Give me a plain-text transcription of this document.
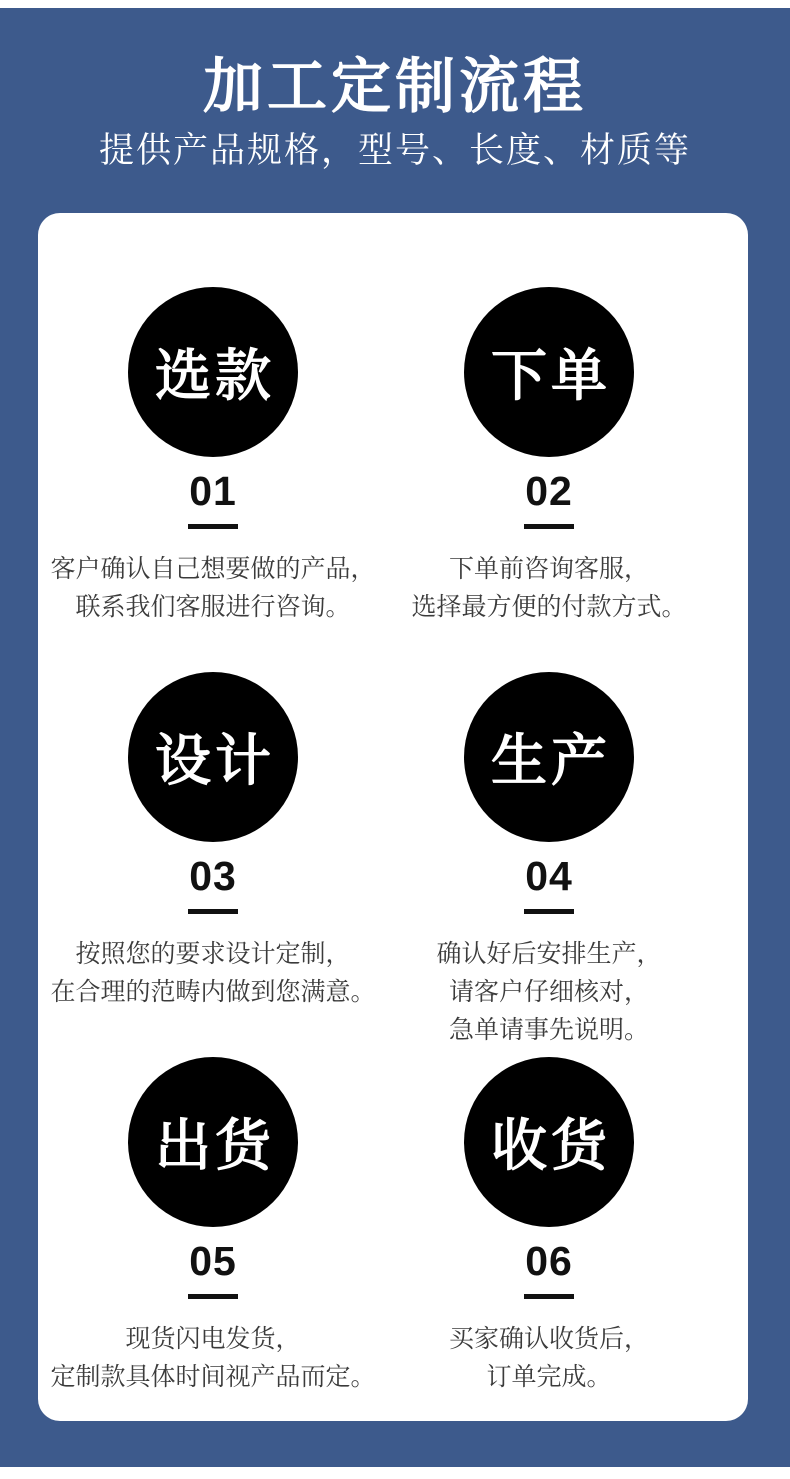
加工定制流程
提供产品规格，型号、长度、材质等
选款
01
客户确认自己想要做的产品，
联系我们客服进行咨询。
下单
02
下单前咨询客服，
选择最方便的付款方式。
设计
03
按照您的要求设计定制，
在合理的范畴内做到您满意。
生产
04
确认好后安排生产，
请客户仔细核对，
急单请事先说明。
出货
05
现货闪电发货，
定制款具体时间视产品而定。
收货
06
买家确认收货后，
订单完成。
